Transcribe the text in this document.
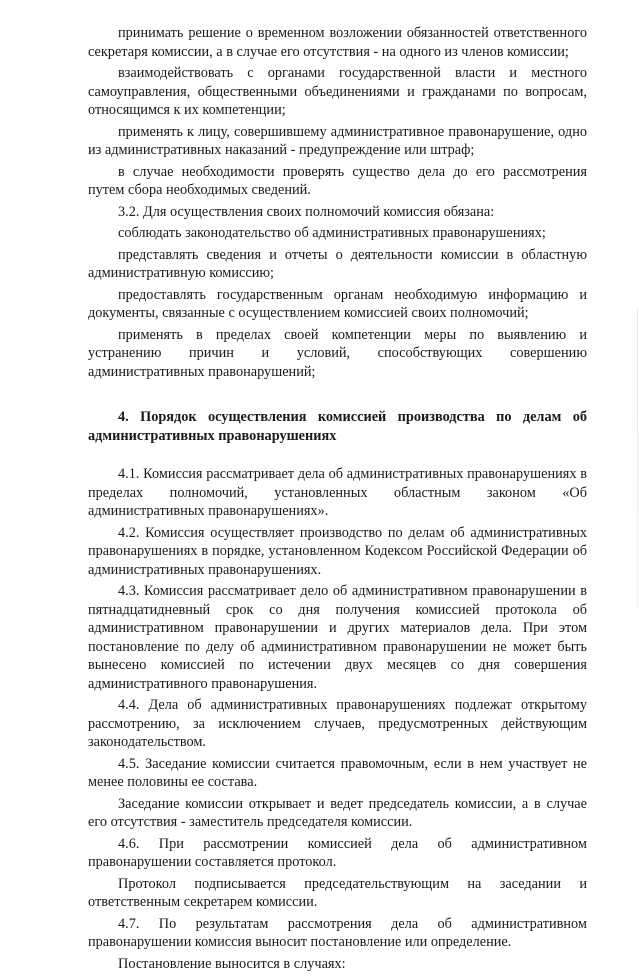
принимать решение о временном возложении обязанностей ответственного секретаря комиссии, а в случае его отсутствия - на одного из членов комиссии;

взаимодействовать с органами государственной власти и местного самоуправления, общественными объединениями и гражданами по вопросам, относящимся к их компетенции;

применять к лицу, совершившему административное правонарушение, одно из административных наказаний - предупреждение или штраф;

в случае необходимости проверять существо дела до его рассмотрения путем сбора необходимых сведений.

3.2. Для осуществления своих полномочий комиссия обязана:

соблюдать законодательство об административных правонарушениях;

представлять сведения и отчеты о деятельности комиссии в областную административную комиссию;

предоставлять государственным органам необходимую информацию и документы, связанные с осуществлением комиссией своих полномочий;

применять в пределах своей компетенции меры по выявлению и устранению причин и условий, способствующих совершению административных правонарушений;

4. Порядок осуществления комиссией производства по делам об административных правонарушениях

4.1. Комиссия рассматривает дела об административных правонарушениях в пределах полномочий, установленных областным законом «Об административных правонарушениях».

4.2. Комиссия осуществляет производство по делам об административных правонарушениях в порядке, установленном Кодексом Российской Федерации об административных правонарушениях.

4.3. Комиссия рассматривает дело об административном правонарушении в пятнадцатидневный срок со дня получения комиссией протокола об административном правонарушении и других материалов дела. При этом постановление по делу об административном правонарушении не может быть вынесено комиссией по истечении двух месяцев со дня совершения административного правонарушения.

4.4. Дела об административных правонарушениях подлежат открытому рассмотрению, за исключением случаев, предусмотренных действующим законодательством.

4.5. Заседание комиссии считается правомочным, если в нем участвует не менее половины ее состава.

Заседание комиссии открывает и ведет председатель комиссии, а в случае его отсутствия - заместитель председателя комиссии.

4.6. При рассмотрении комиссией дела об административном правонарушении составляется протокол.

Протокол подписывается председательствующим на заседании и ответственным секретарем комиссии.

4.7. По результатам рассмотрения дела об административном правонарушении комиссия выносит постановление или определение.

Постановление выносится в случаях:
